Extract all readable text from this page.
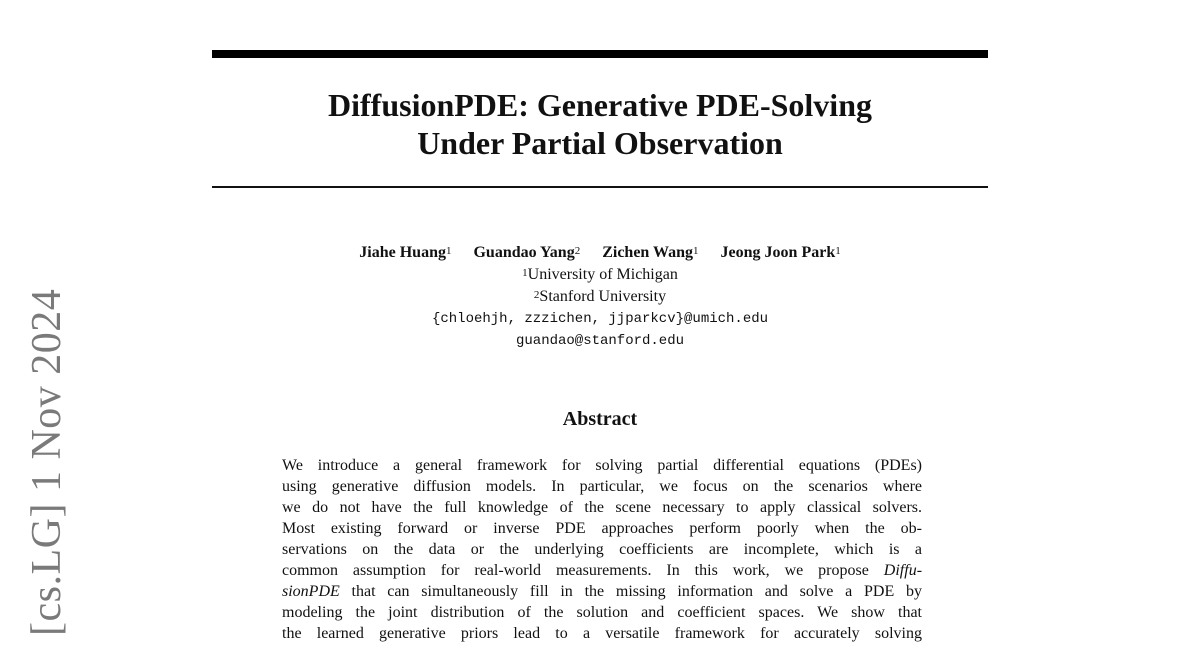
[cs.LG] 1 Nov 2024
DiffusionPDE: Generative PDE-Solving
Under Partial Observation
Jiahe Huang$^1$ Guandao Yang$^2$ Zichen Wang$^1$ Jeong Joon Park$^1$
$^1$University of Michigan
$^2$Stanford University
{chloehjh, zzzichen, jjparkcv}@umich.edu
guandao@stanford.edu
Abstract
We introduce a general framework for solving partial differential equations (PDEs)
using generative diffusion models. In particular, we focus on the scenarios where
we do not have the full knowledge of the scene necessary to apply classical solvers.
Most existing forward or inverse PDE approaches perform poorly when the ob-
servations on the data or the underlying coefficients are incomplete, which is a
common assumption for real-world measurements. In this work, we propose Diffu-
sionPDE that can simultaneously fill in the missing information and solve a PDE by
modeling the joint distribution of the solution and coefficient spaces. We show that
the learned generative priors lead to a versatile framework for accurately solving
